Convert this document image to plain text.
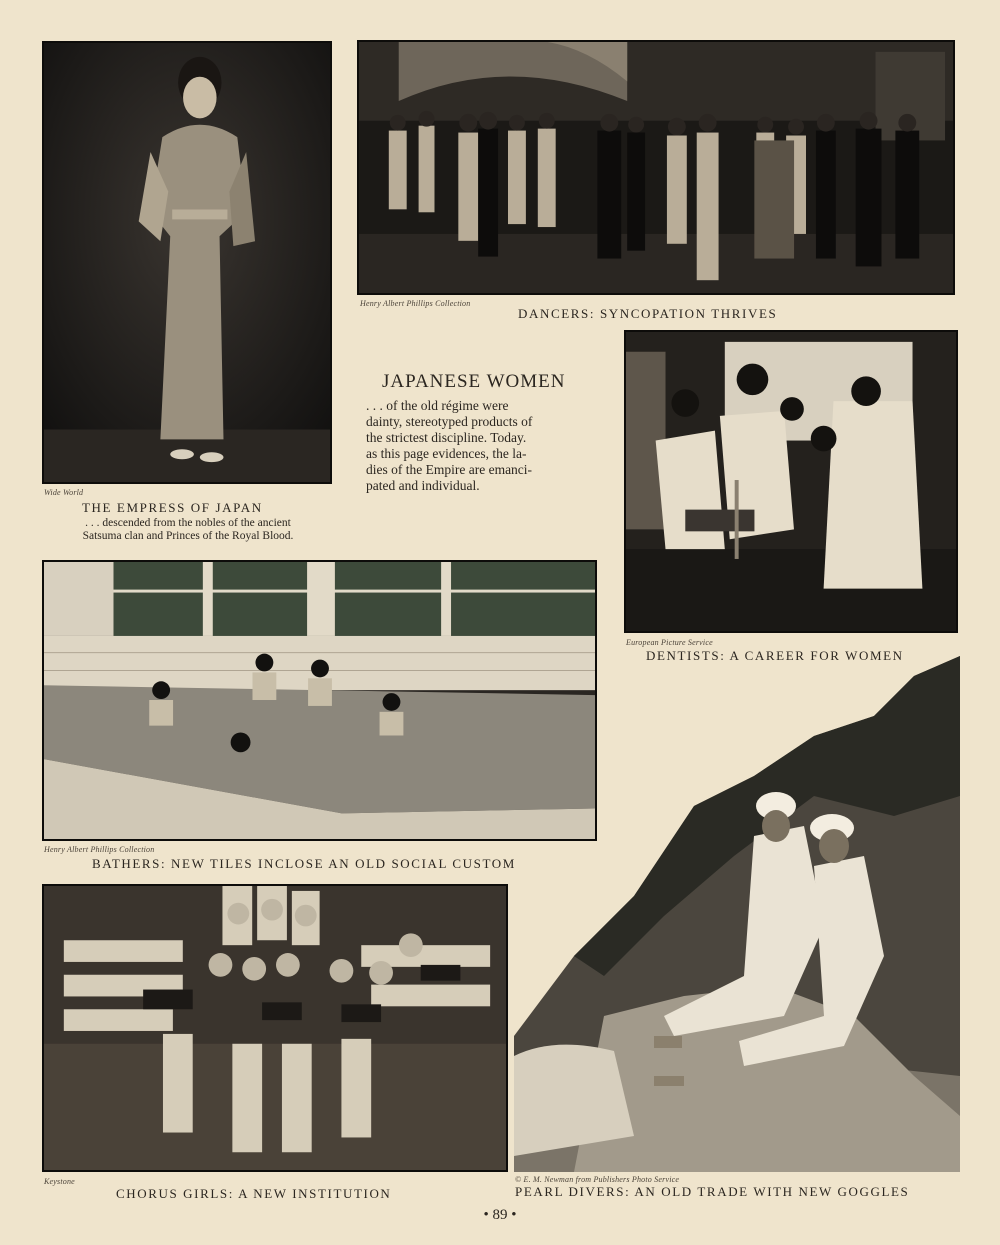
Wide World
THE EMPRESS OF JAPAN
. . . descended from the nobles of the ancient
Satsuma clan and Princes of the Royal Blood.
Henry Albert Phillips Collection
DANCERS: SYNCOPATION THRIVES
JAPANESE WOMEN
. . . of the old régime were
dainty, stereotyped products of
the strictest discipline. Today.
as this page evidences, the la-
dies of the Empire are emanci-
pated and individual.
European Picture Service
DENTISTS: A CAREER FOR WOMEN
Henry Albert Phillips Collection
BATHERS: NEW TILES INCLOSE AN OLD SOCIAL CUSTOM
Keystone
CHORUS GIRLS: A NEW INSTITUTION
© E. M. Newman from Publishers Photo Service
PEARL DIVERS: AN OLD TRADE WITH NEW GOGGLES
• 89 •
